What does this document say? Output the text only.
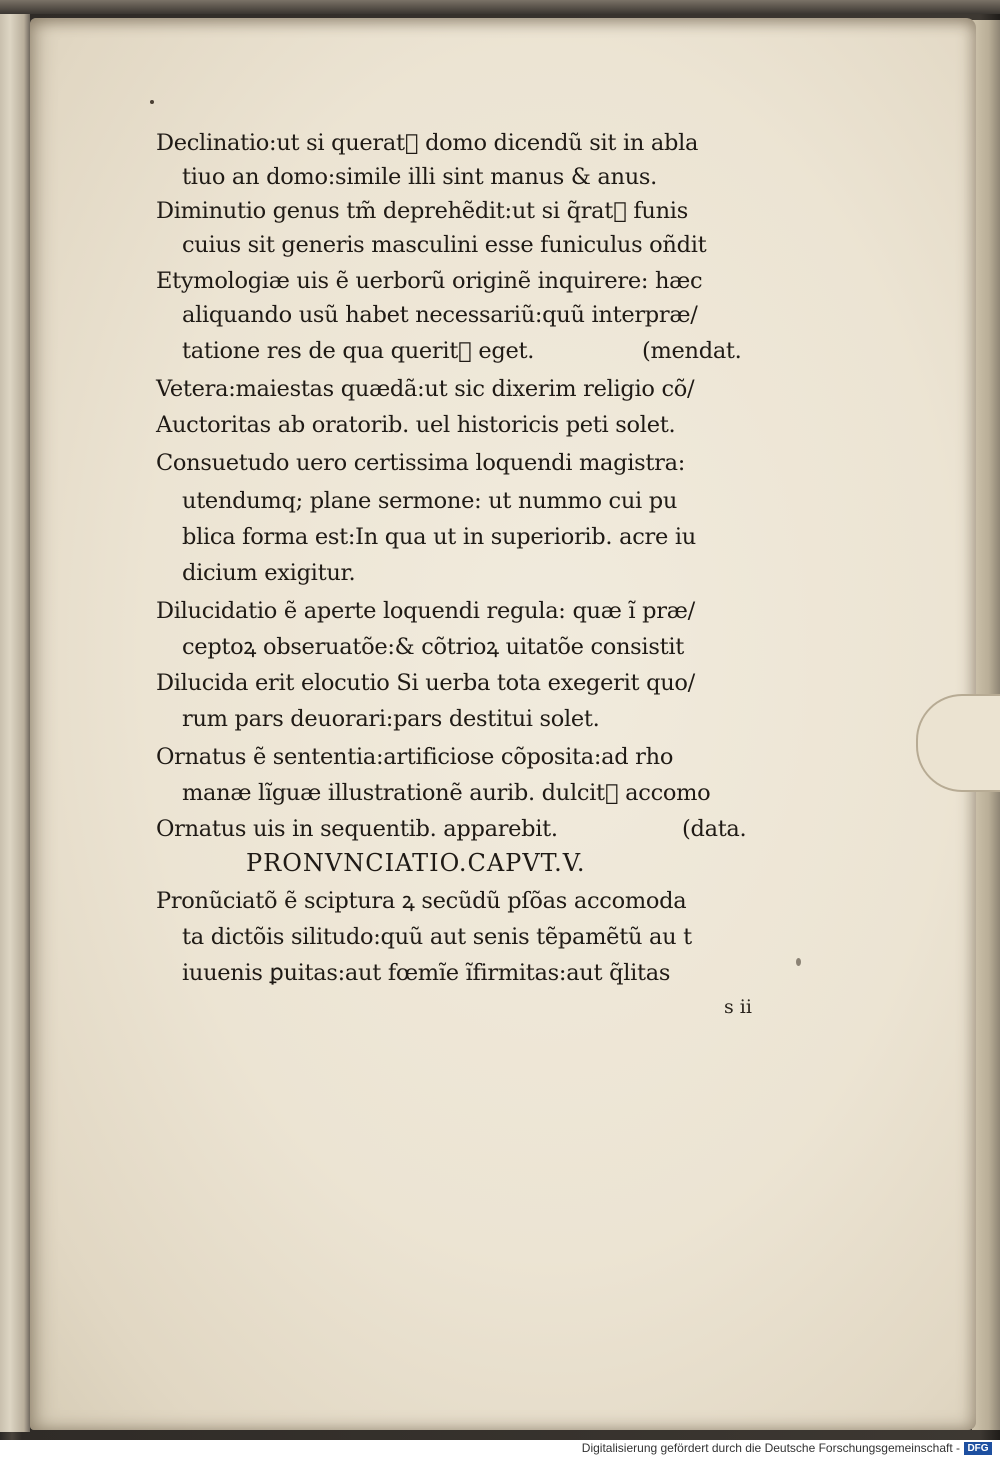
Declinatio:ut si queratᷣ domo dicendũ sit in abla
tiuo an domo:simile illi sint manus & anus.
Diminutio genus tm̃ deprehẽdit:ut si q̃ratᷣ funis
cuius sit generis masculini esse funiculus oñdit
Etymologiæ uis ẽ uerborũ originẽ inquirere: hæc
aliquando usũ habet necessariũ:quũ interpræ/
tatione res de qua queritᷣ eget.	(mendat.
Vetera:maiestas quædã:ut sic dixerim religio cõ/
Auctoritas ab oratorib. uel historicis peti solet.
Consuetudo uero certissima loquendi magistra:
utendumq; plane sermone: ut nummo cui pu
blica forma est:In qua ut in superiorib. acre iu
dicium exigitur.
Dilucidatio ẽ aperte loquendi regula: quæ ĩ præ/
ceptoꝝ obseruatõe:& cõtrioꝝ uitatõe consistit
Dilucida erit elocutio Si uerba tota exegerit quo/
rum pars deuorari:pars destitui solet.
Ornatus ẽ sententia:artificiose cõposita:ad rho
manæ lĩguæ illustrationẽ aurib. dulcitᷣ accomo
Ornatus uis in sequentib. apparebit.	(data.
PRONVNCIATIO.CAPVT.V.
Pronũciatõ ẽ sciptura ꝝ secũdũ pſõas accomoda
ta dictõis silitudo:quũ aut senis tẽpamẽtũ au t
iuuenis ꝑuitas:aut fœmĩe ĩfirmitas:aut q̃litas
s ii
Digitalisierung gefördert durch die Deutsche Forschungsgemeinschaft - DFG
